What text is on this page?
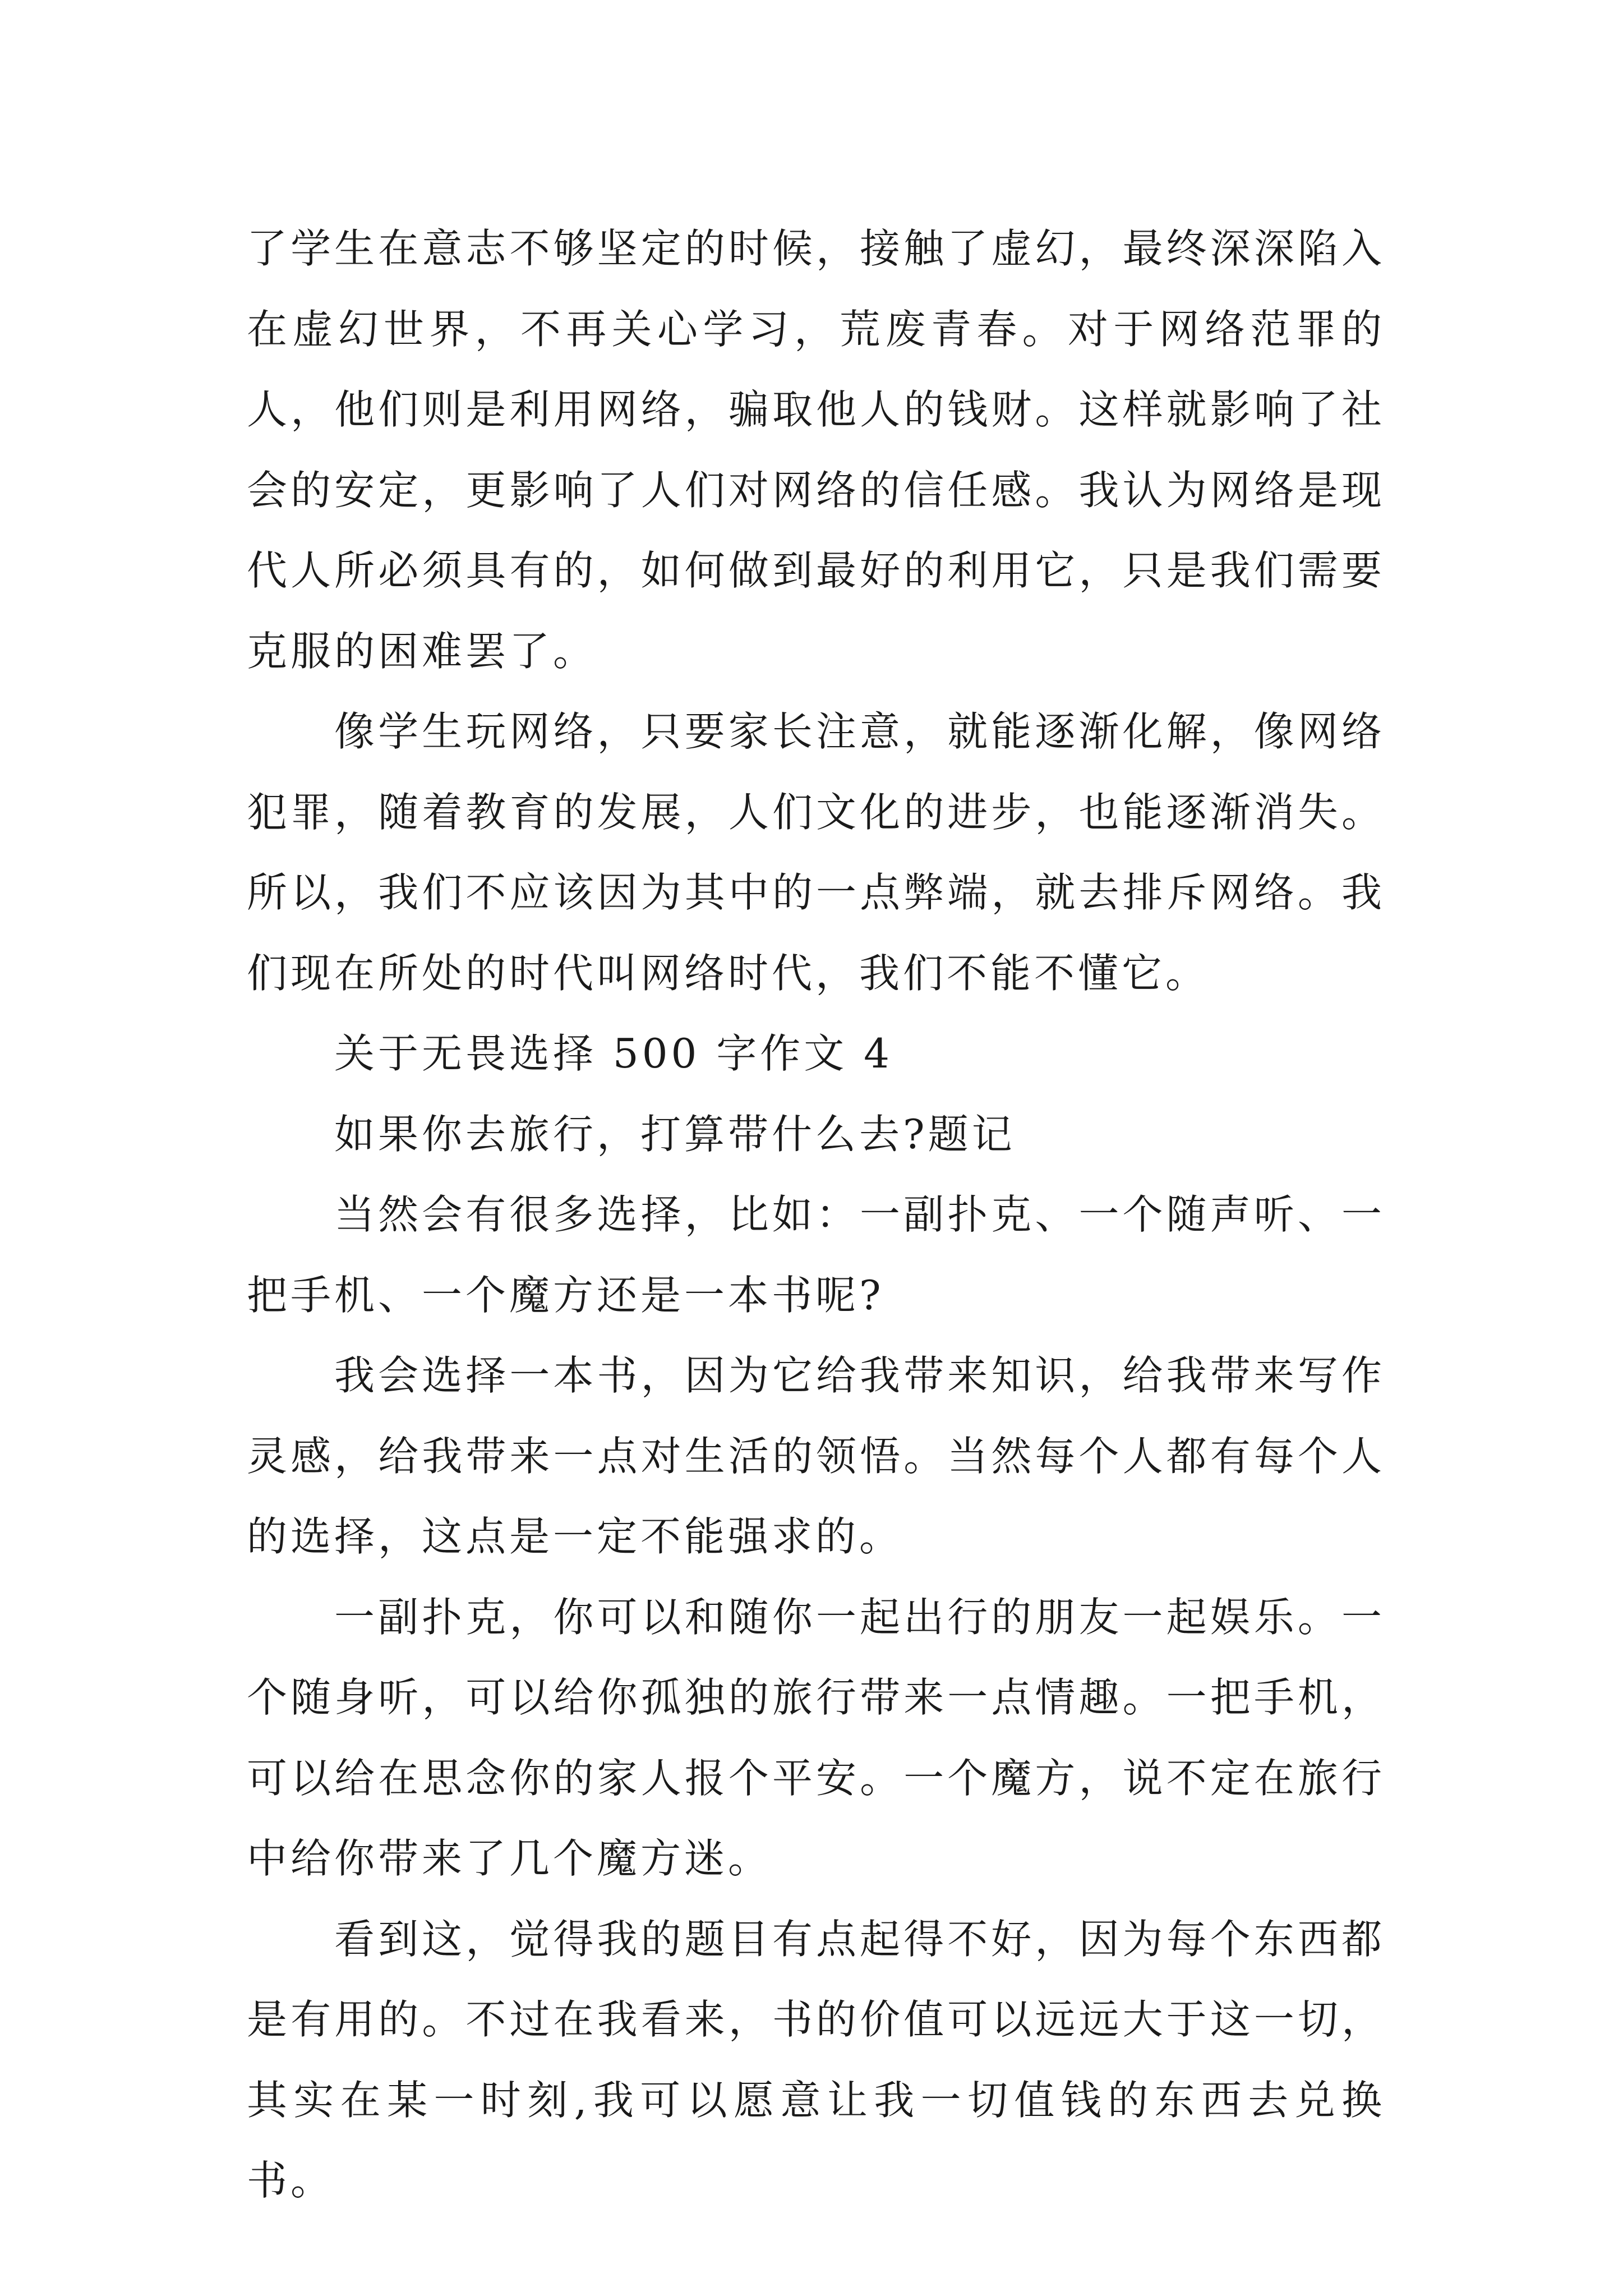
了学生在意志不够坚定的时候，接触了虚幻，最终深深陷入在虚幻世界，不再关心学习，荒废青春。对于网络范罪的人，他们则是利用网络，骗取他人的钱财。这样就影响了社会的安定，更影响了人们对网络的信任感。我认为网络是现代人所必须具有的，如何做到最好的利用它，只是我们需要克服的困难罢了。

像学生玩网络，只要家长注意，就能逐渐化解，像网络犯罪，随着教育的发展，人们文化的进步，也能逐渐消失。所以，我们不应该因为其中的一点弊端，就去排斥网络。我们现在所处的时代叫网络时代，我们不能不懂它。

关于无畏选择 500 字作文 4

如果你去旅行，打算带什么去?题记

当然会有很多选择，比如：一副扑克、一个随声听、一把手机、一个魔方还是一本书呢?

我会选择一本书，因为它给我带来知识，给我带来写作灵感，给我带来一点对生活的领悟。当然每个人都有每个人的选择，这点是一定不能强求的。

一副扑克，你可以和随你一起出行的朋友一起娱乐。一个随身听，可以给你孤独的旅行带来一点情趣。一把手机，可以给在思念你的家人报个平安。一个魔方，说不定在旅行中给你带来了几个魔方迷。

看到这，觉得我的题目有点起得不好，因为每个东西都是有用的。不过在我看来，书的价值可以远远大于这一切，其实在某一时刻,我可以愿意让我一切值钱的东西去兑换书。
